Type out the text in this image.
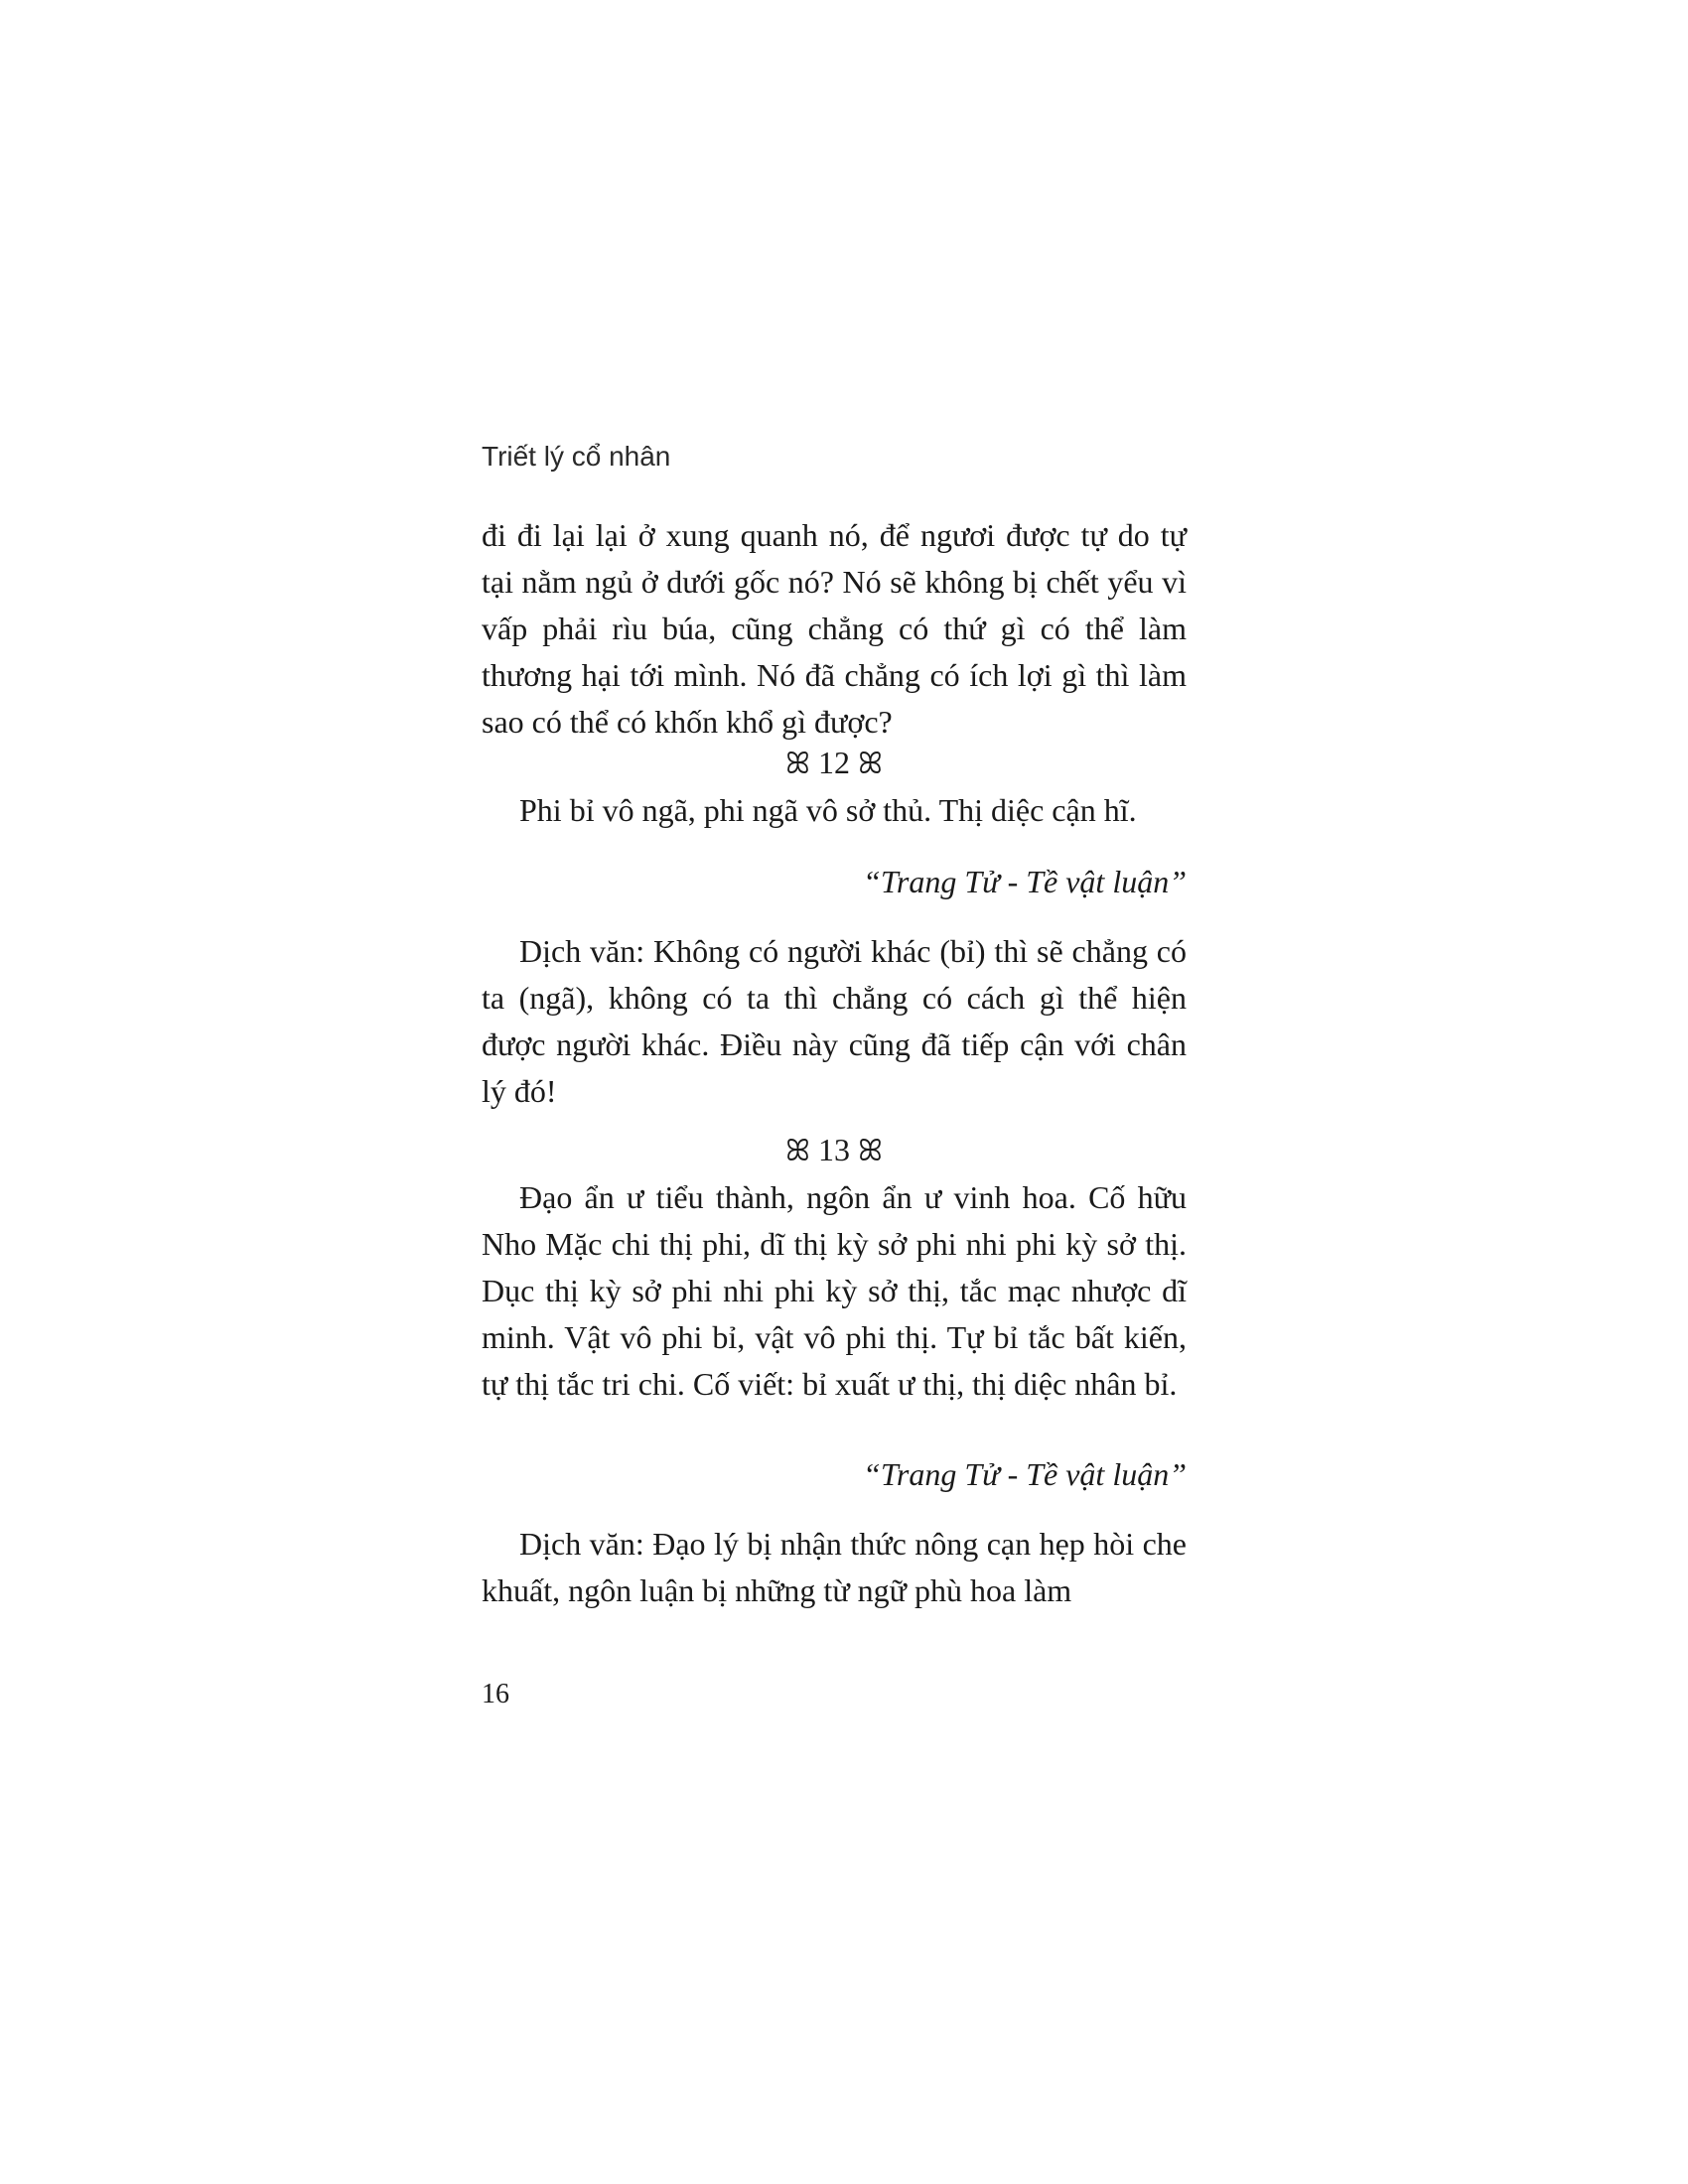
Triết lý cổ nhân

đi đi lại lại ở xung quanh nó, để ngươi được tự do tự tại nằm ngủ ở dưới gốc nó? Nó sẽ không bị chết yểu vì vấp phải rìu búa, cũng chẳng có thứ gì có thể làm thương hại tới mình. Nó đã chẳng có ích lợi gì thì làm sao có thể có khốn khổ gì được?

ꕤ 12 ꕤ

Phi bỉ vô ngã, phi ngã vô sở thủ. Thị diệc cận hĩ.

“Trang Tử - Tề vật luận”

Dịch văn: Không có người khác (bỉ) thì sẽ chẳng có ta (ngã), không có ta thì chẳng có cách gì thể hiện được người khác. Điều này cũng đã tiếp cận với chân lý đó!

ꕤ 13 ꕤ

Đạo ẩn ư tiểu thành, ngôn ẩn ư vinh hoa. Cố hữu Nho Mặc chi thị phi, dĩ thị kỳ sở phi nhi phi kỳ sở thị. Dục thị kỳ sở phi nhi phi kỳ sở thị, tắc mạc nhược dĩ minh. Vật vô phi bỉ, vật vô phi thị. Tự bỉ tắc bất kiến, tự thị tắc tri chi. Cố viết: bỉ xuất ư thị, thị diệc nhân bỉ.

“Trang Tử - Tề vật luận”

Dịch văn: Đạo lý bị nhận thức nông cạn hẹp hòi che khuất, ngôn luận bị những từ ngữ phù hoa làm

16
